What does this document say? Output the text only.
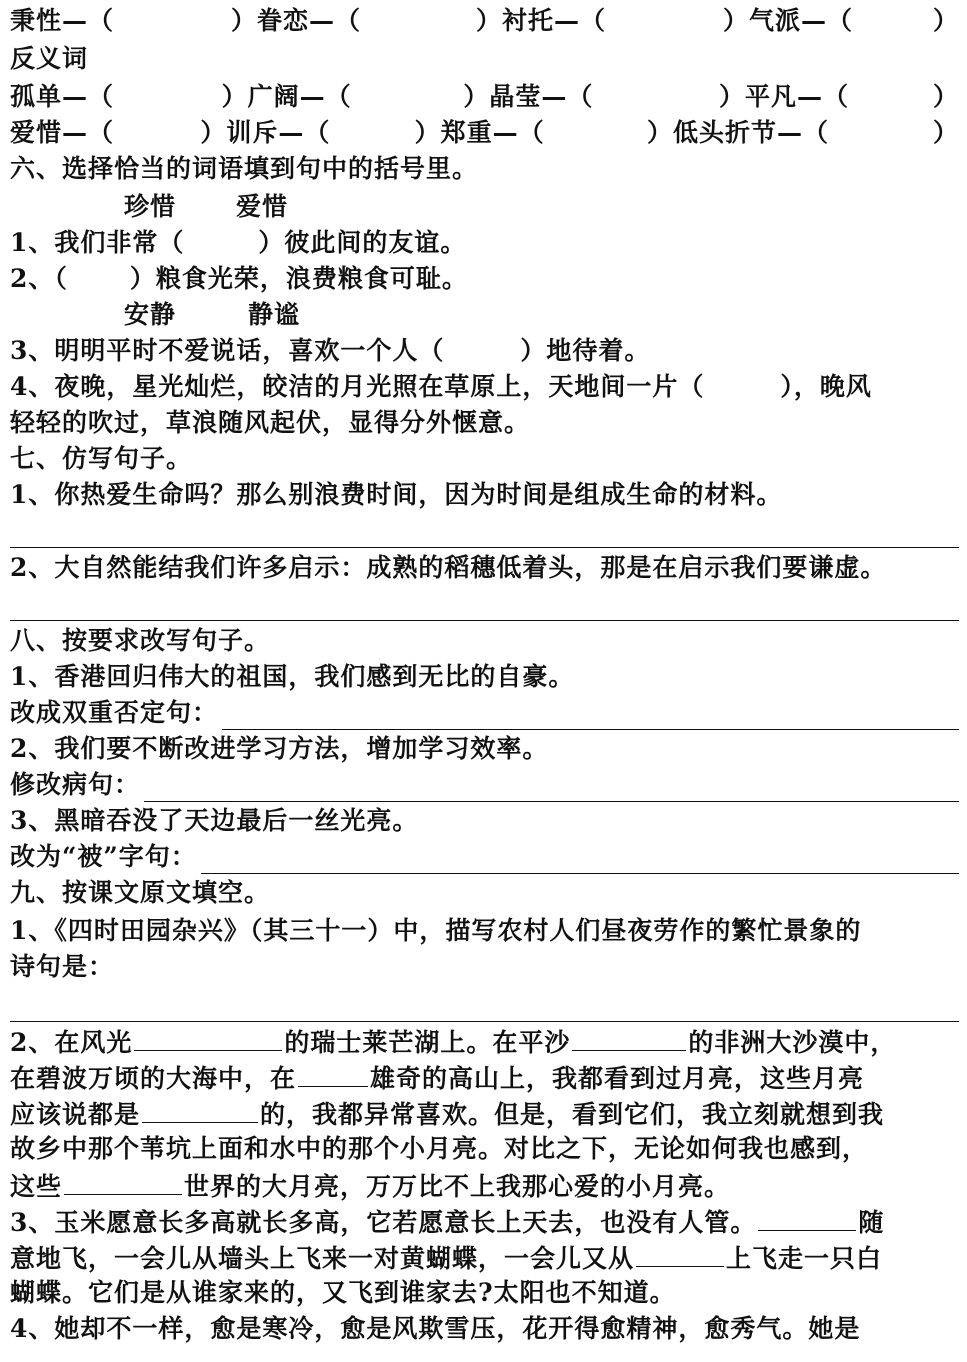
秉性—（	）眷恋—（	）衬托—（	）气派—（	）
反义词
孤单—（	）广阔—（	）晶莹—（	）平凡—（	）
爱惜—（	）训斥—（	）郑重—（	）低头折节—（	）
六、选择恰当的词语填到句中的括号里。
珍惜 爱惜
1、我们非常（	）彼此间的友谊。
2、（ ）粮食光荣，浪费粮食可耻。
安静	静谧
3、明明平时不爱说话，喜欢一个人（	）地待着。
4、夜晚，星光灿烂，皎洁的月光照在草原上，天地间一片（	），晚风
轻轻的吹过，草浪随风起伏，显得分外惬意。
七、仿写句子。
1、你热爱生命吗？那么别浪费时间，因为时间是组成生命的材料。
2、大自然能结我们许多启示：成熟的稻穗低着头，那是在启示我们要谦虚。
八、按要求改写句子。
1、香港回归伟大的祖国，我们感到无比的自豪。
改成双重否定句：
2、我们要不断改进学习方法，增加学习效率。
修改病句：
3、黑暗吞没了天边最后一丝光亮。
改为“被”字句：
九、按课文原文填空。
1、《四时田园杂兴》（其三十一）中，描写农村人们昼夜劳作的繁忙景象的
诗句是：
2、在风光	的瑞士莱芒湖上。在平沙	的非洲大沙漠中，
在碧波万顷的大海中，在	雄奇的高山上，我都看到过月亮，这些月亮
应该说都是	的，我都异常喜欢。但是，看到它们，我立刻就想到我
故乡中那个苇坑上面和水中的那个小月亮。对比之下，无论如何我也感到，
这些	世界的大月亮，万万比不上我那心爱的小月亮。
3、玉米愿意长多高就长多高，它若愿意长上天去，也没有人管。	随
意地飞，一会儿从墙头上飞来一对黄蝴蝶，一会儿又从	上飞走一只白
蝴蝶。它们是从谁家来的，又飞到谁家去?太阳也不知道。
4、她却不一样，愈是寒冷，愈是风欺雪压，花开得愈精神，愈秀气。她是
